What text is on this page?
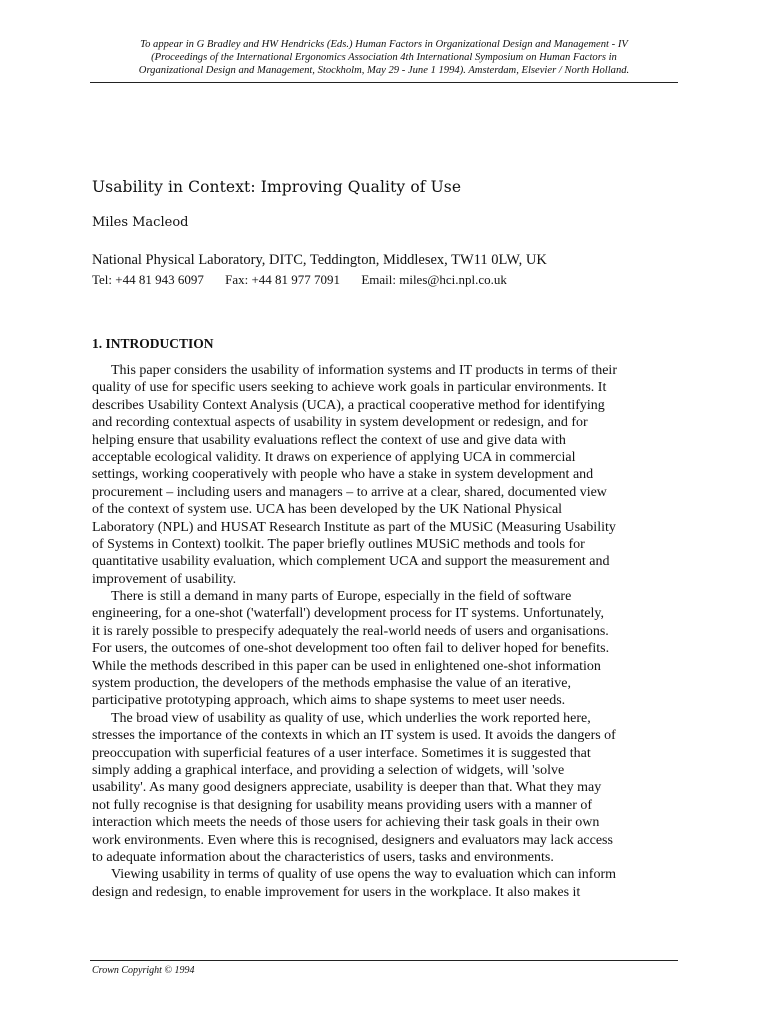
To appear in G Bradley and HW Hendricks (Eds.) Human Factors in Organizational Design and Management - IV
(Proceedings of the International Ergonomics Association 4th International Symposium on Human Factors in
Organizational Design and Management, Stockholm, May 29 - June 1 1994). Amsterdam, Elsevier / North Holland.
Usability in Context: Improving Quality of Use
Miles Macleod
National Physical Laboratory, DITC, Teddington, Middlesex, TW11 0LW, UK
Tel: +44 81 943 6097 Fax: +44 81 977 7091 Email: miles@hci.npl.co.uk
1. INTRODUCTION
This paper considers the usability of information systems and IT products in terms of their
quality of use for specific users seeking to achieve work goals in particular environments. It
describes Usability Context Analysis (UCA), a practical cooperative method for identifying
and recording contextual aspects of usability in system development or redesign, and for
helping ensure that usability evaluations reflect the context of use and give data with
acceptable ecological validity. It draws on experience of applying UCA in commercial
settings, working cooperatively with people who have a stake in system development and
procurement – including users and managers – to arrive at a clear, shared, documented view
of the context of system use. UCA has been developed by the UK National Physical
Laboratory (NPL) and HUSAT Research Institute as part of the MUSiC (Measuring Usability
of Systems in Context) toolkit. The paper briefly outlines MUSiC methods and tools for
quantitative usability evaluation, which complement UCA and support the measurement and
improvement of usability.
There is still a demand in many parts of Europe, especially in the field of software
engineering, for a one-shot ('waterfall') development process for IT systems. Unfortunately,
it is rarely possible to prespecify adequately the real-world needs of users and organisations.
For users, the outcomes of one-shot development too often fail to deliver hoped for benefits.
While the methods described in this paper can be used in enlightened one-shot information
system production, the developers of the methods emphasise the value of an iterative,
participative prototyping approach, which aims to shape systems to meet user needs.
The broad view of usability as quality of use, which underlies the work reported here,
stresses the importance of the contexts in which an IT system is used. It avoids the dangers of
preoccupation with superficial features of a user interface. Sometimes it is suggested that
simply adding a graphical interface, and providing a selection of widgets, will 'solve
usability'. As many good designers appreciate, usability is deeper than that. What they may
not fully recognise is that designing for usability means providing users with a manner of
interaction which meets the needs of those users for achieving their task goals in their own
work environments. Even where this is recognised, designers and evaluators may lack access
to adequate information about the characteristics of users, tasks and environments.
Viewing usability in terms of quality of use opens the way to evaluation which can inform
design and redesign, to enable improvement for users in the workplace. It also makes it
Crown Copyright © 1994
